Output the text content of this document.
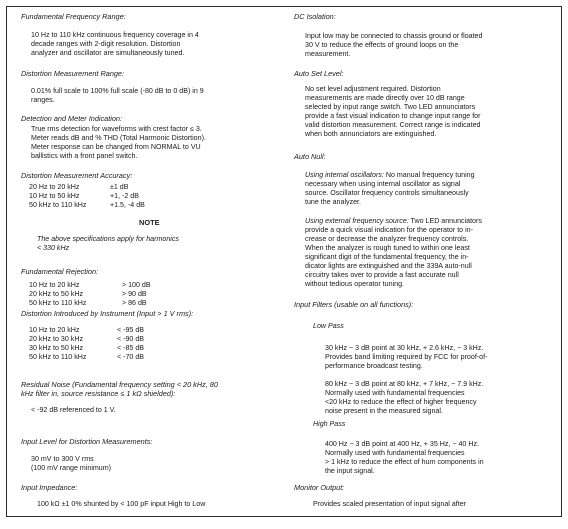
Fundamental Frequency Range:
10 Hz to 110 kHz continuous frequency coverage in 4
decade ranges with 2-digit resolution. Distortion
analyzer and oscillator are simultaneously tuned.
Distortion Measurement Range:
0.01% full scale to 100% full scale (-80 dB to 0 dB) in 9
ranges.
Detection and Meter Indication:
True rms detection for waveforms with crest factor ≤ 3.
Meter reads dB and % THD (Total Harmonic Distortion).
Meter response can be changed from NORMAL to VU
ballistics with a front panel switch.
Distortion Measurement Accuracy:
20 Hz to 20 kHz
10 Hz to 50 kHz
50 kHz to 110 kHz
±1 dB
+1, -2 dB
+1.5, -4 dB
NOTE
The above specifications apply for harmonics
< 330 kHz
Fundamental Rejection:
10 Hz to 20 kHz
20 kHz to 50 kHz
50 kHz to 110 kHz
> 100 dB
> 90 dB
> 86 dB
Distortion Introduced by Instrument (Input > 1 V rms):
10 Hz to 20 kHz
20 kHz to 30 kHz
30 kHz to 50 kHz
50 kHz to 110 kHz
< -95 dB
< -90 dB
< -85 dB
< -70 dB
Residual Noise (Fundamental frequency setting < 20 kHz, 80
kHz filter in, source resistance ≤ 1 kΩ shielded):
< -92 dB referenced to 1 V.
Input Level for Distortion Measurements:
30 mV to 300 V rms
(100 mV range minimum)
Input Impedance:
100 kΩ ±1 0% shunted by < 100 pF input High to Low
DC Isolation:
Input low may be connected to chassis ground or floated
30 V to reduce the effects of ground loops on the
measurement.
Auto Set Level:
No set level adjustment required. Distortion
measurements are made directly over 10 dB range
selected by input range switch. Two LED annunciators
provide a fast visual indication to change input range for
valid distortion measurement. Correct range is indicated
when both annunciators are extinguished.
Auto Null:
Using internal oscillators: No manual frequency tuning
necessary when using internal oscillator as signal
source. Oscillator frequency controls simultaneously
tune the analyzer.
Using external frequency source: Two LED annunciators
provide a quick visual indication for the operator to in-
crease or decrease the analyzer frequency controls.
When the analyzer is rough tuned to within one least
significant digit of the fundamental frequency, the in-
dicator lights are extinguished and the 339A auto-null
circuitry takes over to provide a fast accurate null
without tedious operator tuning.
Input Filters (usable on all functions):
Low Pass
30 kHz − 3 dB point at 30 kHz, + 2.6 kHz, − 3 kHz.
Provides band limiting required by FCC for proof-of-
performance broadcast testing.
80 kHz − 3 dB point at 80 kHz, + 7 kHz, − 7.9 kHz.
Normally used with fundamental frequencies
<20 kHz to reduce the effect of higher frequency
noise present in the measured signal.
High Pass
400 Hz − 3 dB point at 400 Hz, + 35 Hz, − 40 Hz.
Normally used with fundamental frequencies
> 1 kHz to reduce the effect of hum components in
the input signal.
Monitor Output:
Provides scaled presentation of input signal after
